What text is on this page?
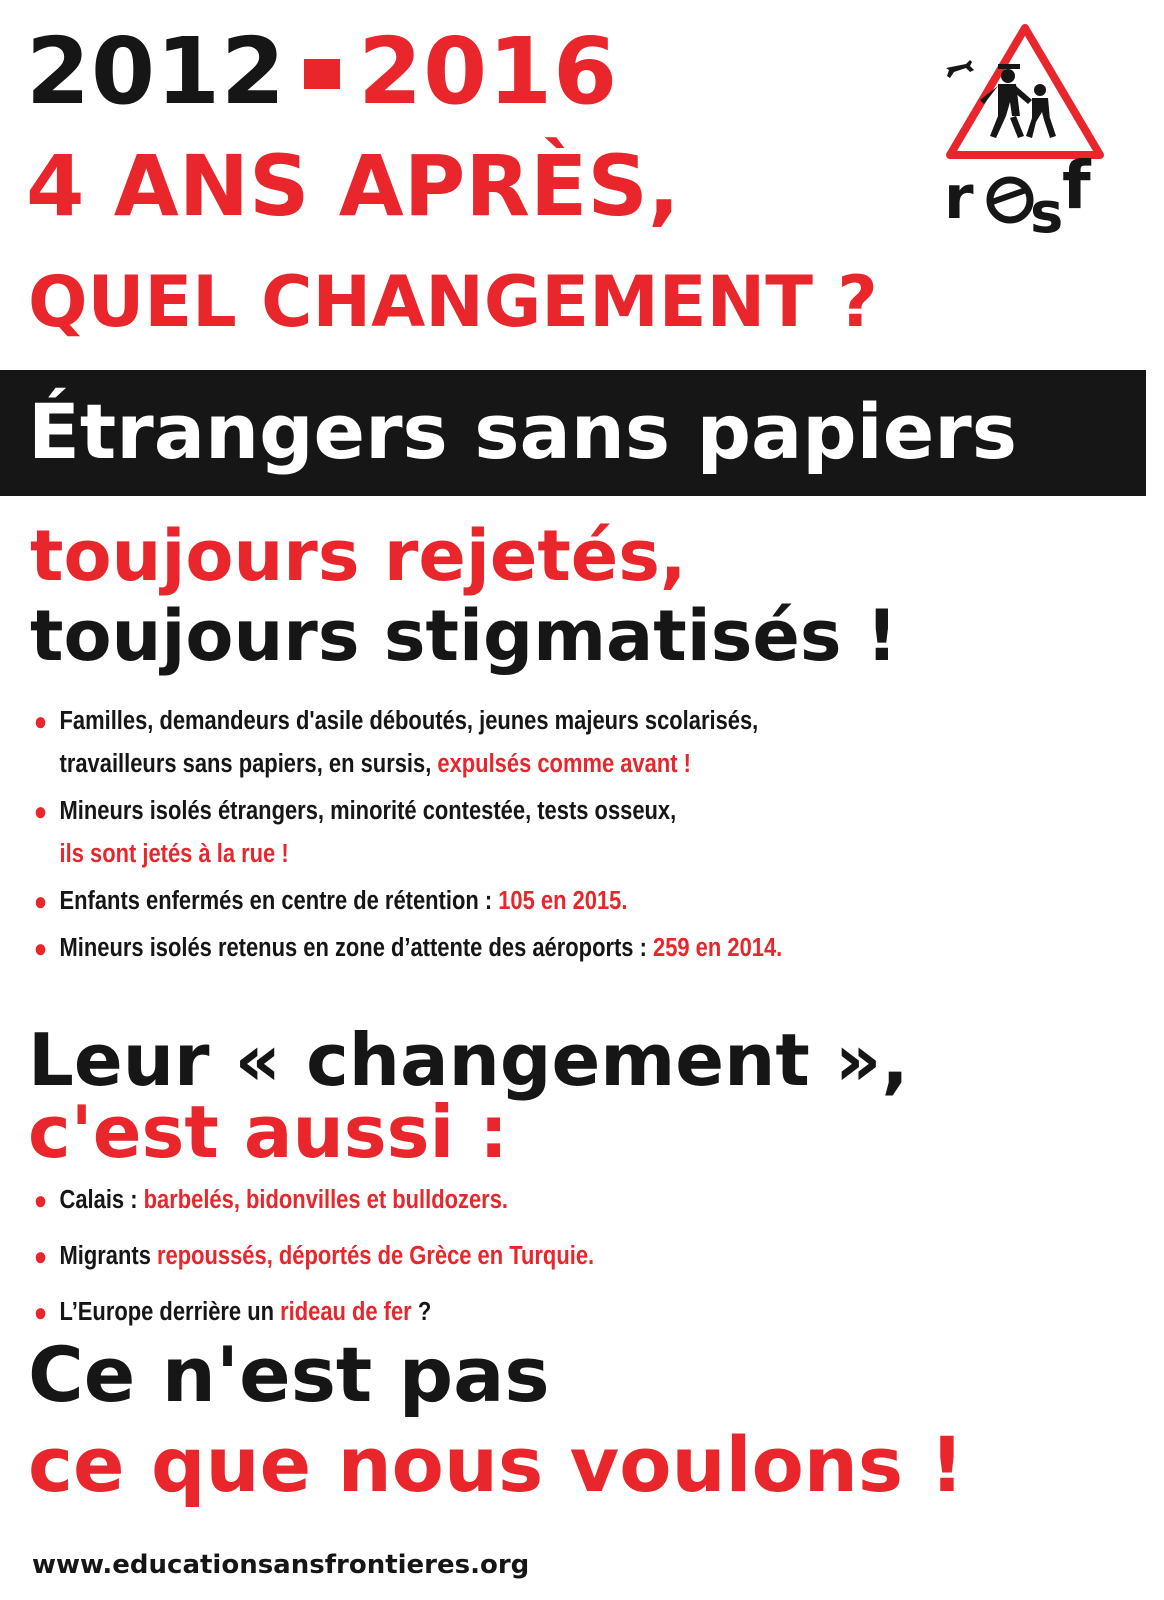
2012 2016
4 ANS APRÈS,
QUEL CHANGEMENT ?
r s
f
Étrangers sans papiers
toujours rejetés,
toujours stigmatisés !
● Familles, demandeurs d'asile déboutés, jeunes majeurs scolarisés,
travailleurs sans papiers, en sursis, expulsés comme avant !
● Mineurs isolés étrangers, minorité contestée, tests osseux,
ils sont jetés à la rue !
● Enfants enfermés en centre de rétention : 105 en 2015.
● Mineurs isolés retenus en zone d’attente des aéroports : 259 en 2014.
Leur « changement »,
c'est aussi :
● Calais : barbelés, bidonvilles et bulldozers.
● Migrants repoussés, déportés de Grèce en Turquie.
● L’Europe derrière un rideau de fer ?
Ce n'est pas
ce que nous voulons !
www.educationsansfrontieres.org
